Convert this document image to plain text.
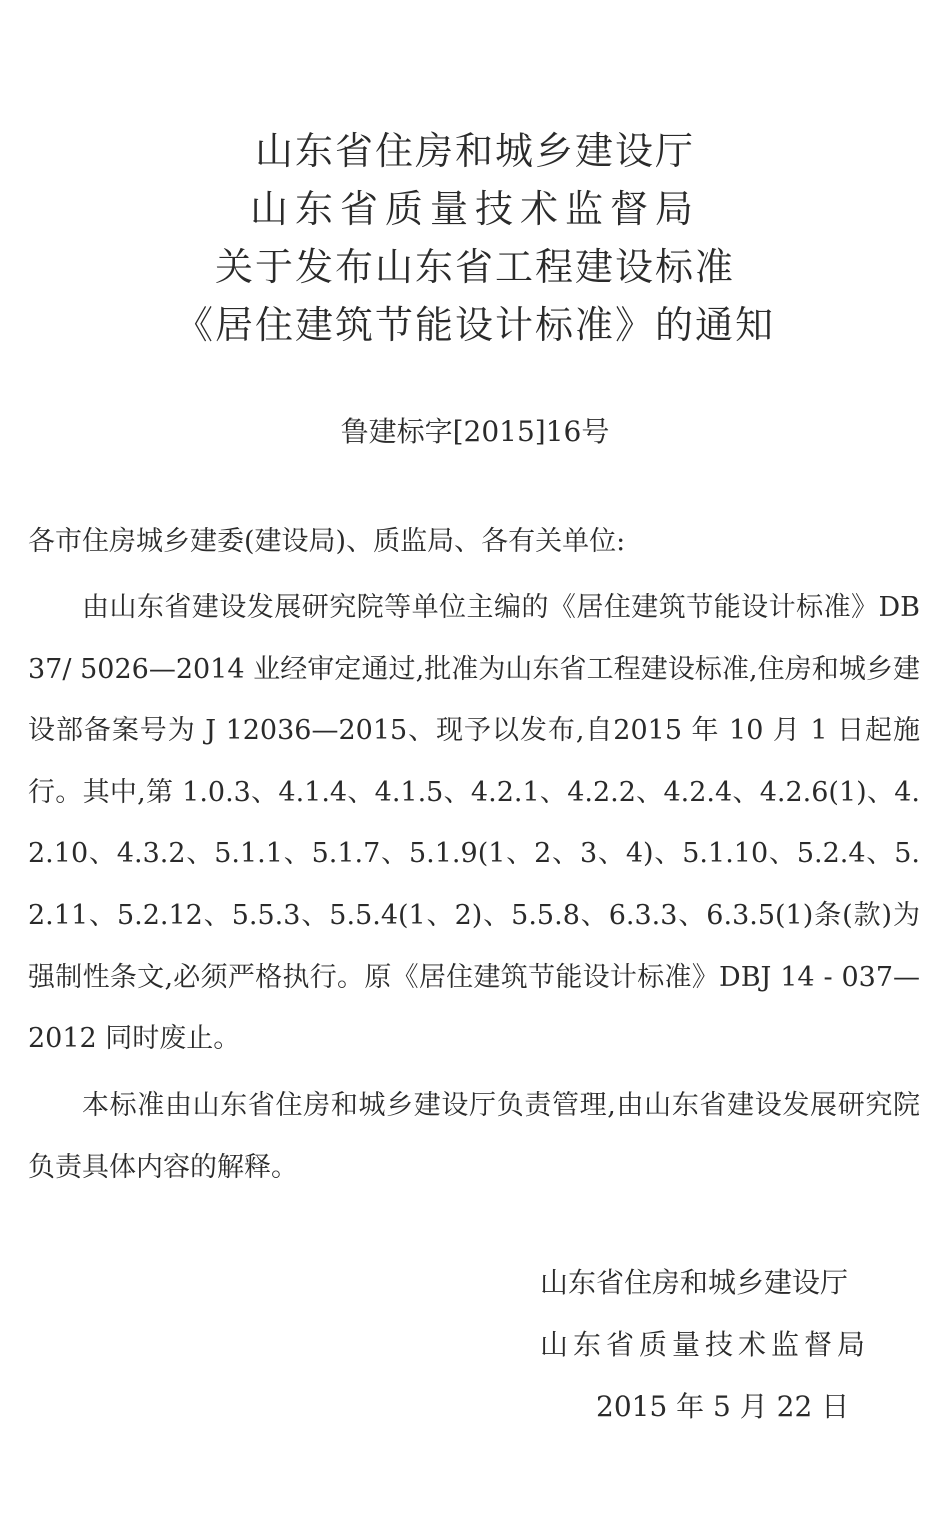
山东省住房和城乡建设厅
山东省质量技术监督局
关于发布山东省工程建设标准
《居住建筑节能设计标准》的通知
鲁建标字[2015]16号
各市住房城乡建委(建设局)、质监局、各有关单位:

由山东省建设发展研究院等单位主编的《居住建筑节能设计标准》DB37/ 5026—2014 业经审定通过,批准为山东省工程建设标准,住房和城乡建设部备案号为 J 12036—2015、现予以发布,自2015 年 10 月 1 日起施行。其中,第 1.0.3、4.1.4、4.1.5、4.2.1、4.2.2、4.2.4、4.2.6(1)、4.2.10、4.3.2、5.1.1、5.1.7、5.1.9(1、2、3、4)、5.1.10、5.2.4、5.2.11、5.2.12、5.5.3、5.5.4(1、2)、5.5.8、6.3.3、6.3.5(1)条(款)为强制性条文,必须严格执行。原《居住建筑节能设计标准》DBJ 14 - 037—2012 同时废止。

本标准由山东省住房和城乡建设厅负责管理,由山东省建设发展研究院负责具体内容的解释。

山东省住房和城乡建设厅
山东省质量技术监督局
2015 年 5 月 22 日
